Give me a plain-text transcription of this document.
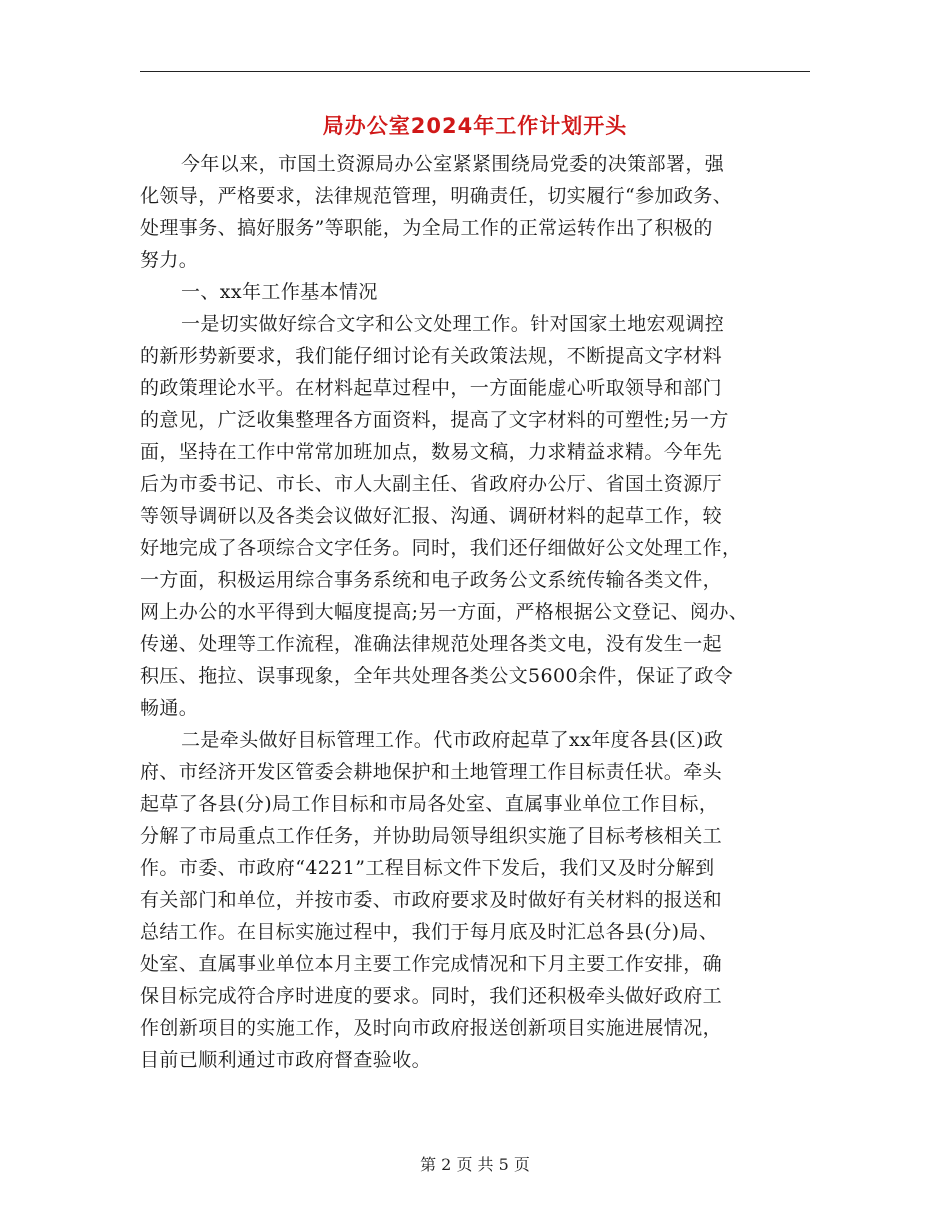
局办公室2024年工作计划开头
今年以来，市国土资源局办公室紧紧围绕局党委的决策部署，强
化领导，严格要求，法律规范管理，明确责任，切实履行“参加政务、
处理事务、搞好服务”等职能，为全局工作的正常运转作出了积极的
努力。
一、xx年工作基本情况
一是切实做好综合文字和公文处理工作。针对国家土地宏观调控
的新形势新要求，我们能仔细讨论有关政策法规，不断提高文字材料
的政策理论水平。在材料起草过程中，一方面能虚心听取领导和部门
的意见，广泛收集整理各方面资料，提高了文字材料的可塑性;另一方
面，坚持在工作中常常加班加点，数易文稿，力求精益求精。今年先
后为市委书记、市长、市人大副主任、省政府办公厅、省国土资源厅
等领导调研以及各类会议做好汇报、沟通、调研材料的起草工作，较
好地完成了各项综合文字任务。同时，我们还仔细做好公文处理工作，
一方面，积极运用综合事务系统和电子政务公文系统传输各类文件，
网上办公的水平得到大幅度提高;另一方面，严格根据公文登记、阅办、
传递、处理等工作流程，准确法律规范处理各类文电，没有发生一起
积压、拖拉、误事现象，全年共处理各类公文5600余件，保证了政令
畅通。
二是牵头做好目标管理工作。代市政府起草了xx年度各县(区)政
府、市经济开发区管委会耕地保护和土地管理工作目标责任状。牵头
起草了各县(分)局工作目标和市局各处室、直属事业单位工作目标，
分解了市局重点工作任务，并协助局领导组织实施了目标考核相关工
作。市委、市政府“4221”工程目标文件下发后，我们又及时分解到
有关部门和单位，并按市委、市政府要求及时做好有关材料的报送和
总结工作。在目标实施过程中，我们于每月底及时汇总各县(分)局、
处室、直属事业单位本月主要工作完成情况和下月主要工作安排，确
保目标完成符合序时进度的要求。同时，我们还积极牵头做好政府工
作创新项目的实施工作，及时向市政府报送创新项目实施进展情况，
目前已顺利通过市政府督查验收。
第 2 页 共 5 页
